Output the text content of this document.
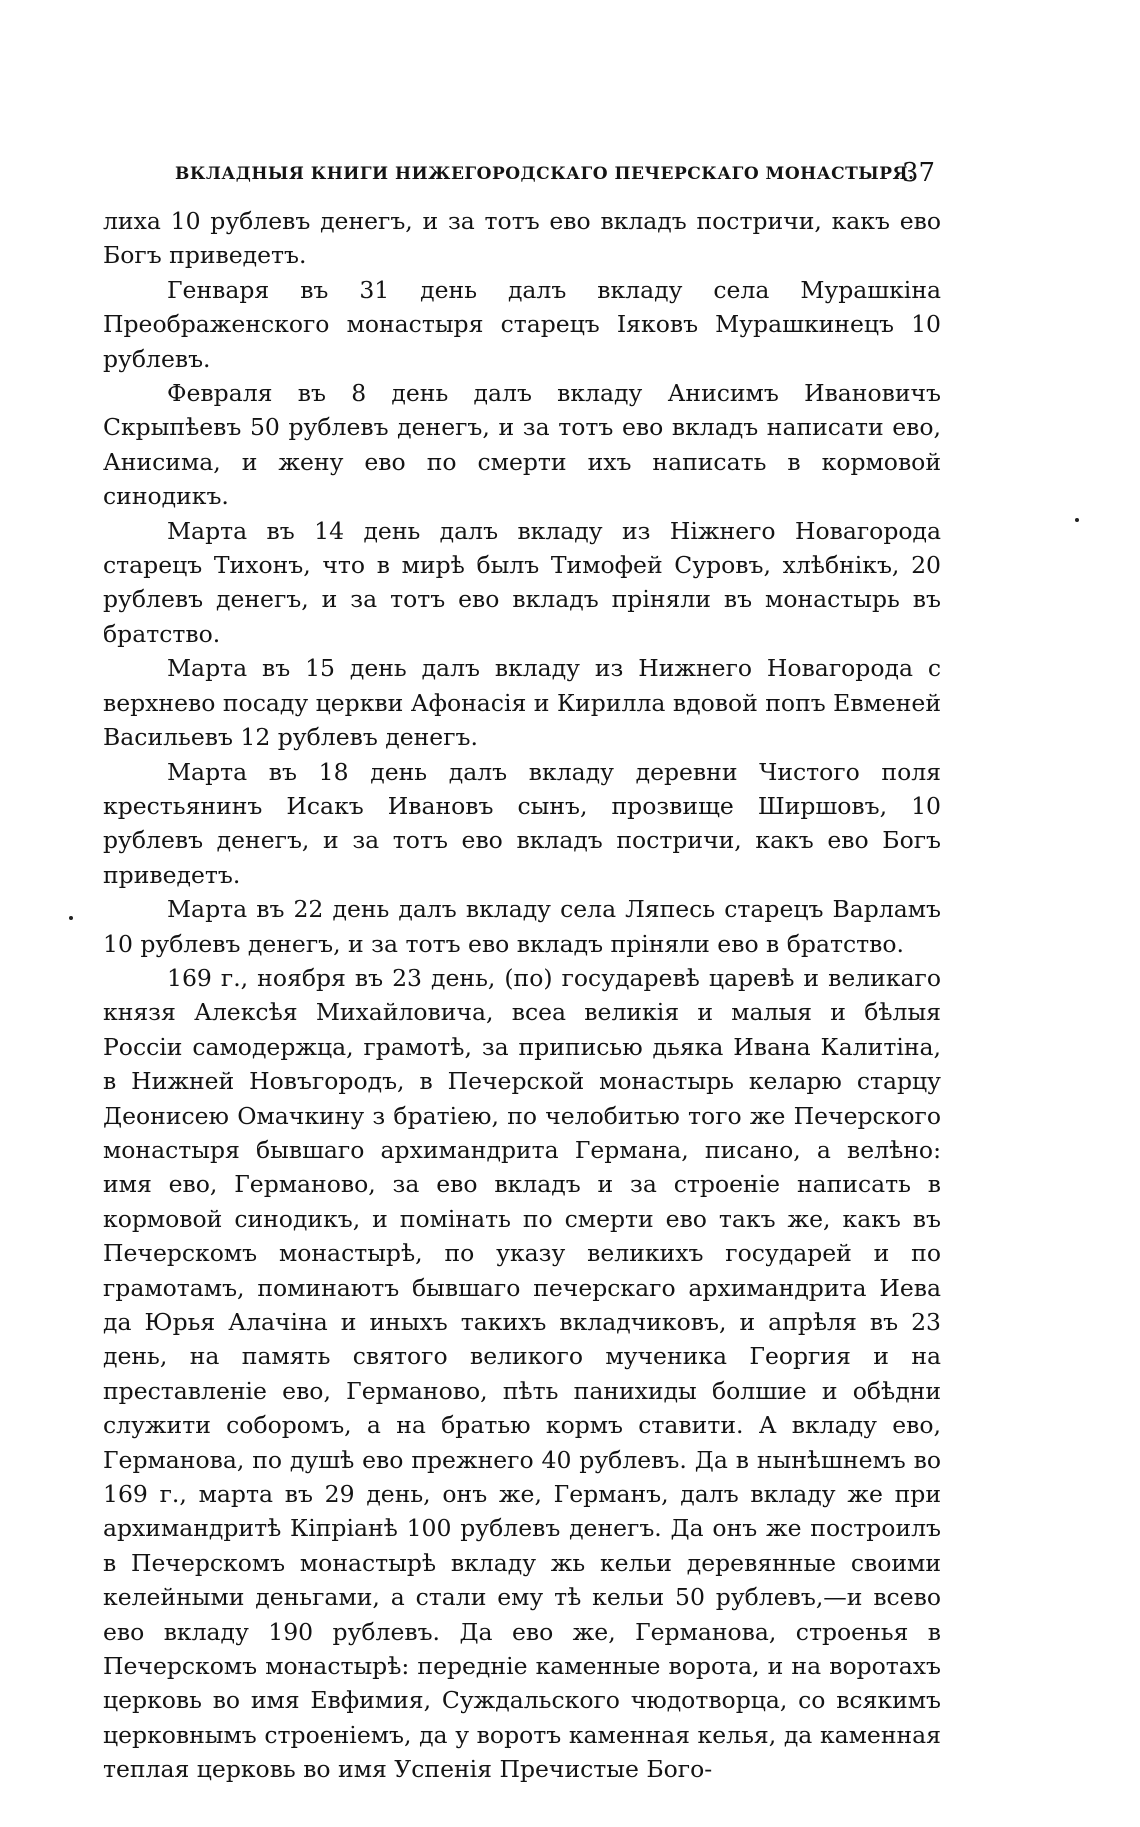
ВКЛАДНЫЯ КНИГИ НИЖЕГОРОДСКАГО ПЕЧЕРСКАГО МОНАСТЫРЯ.
37

лиха 10 рублевъ денегъ, и за тотъ ево вкладъ постричи, какъ ево Богъ приведетъ.

Генваря въ 31 день далъ вкладу села Мурашкіна Преображенского монастыря старецъ Іяковъ Мурашкинецъ 10 рублевъ.

Февраля въ 8 день далъ вкладу Анисимъ Ивановичъ Скрыпѣевъ 50 рублевъ денегъ, и за тотъ ево вкладъ написати ево, Анисима, и жену ево по смерти ихъ написать в кормовой синодикъ.

Марта въ 14 день далъ вкладу из Ніжнего Новагорода старецъ Тихонъ, что в мирѣ былъ Тимофей Суровъ, хлѣбнікъ, 20 рублевъ денегъ, и за тотъ ево вкладъ пріняли въ монастырь въ братство.

Марта въ 15 день далъ вкладу из Нижнего Новагорода с верхнево посаду церкви Афонасія и Кирилла вдовой попъ Евменей Васильевъ 12 рублевъ денегъ.

Марта въ 18 день далъ вкладу деревни Чистого поля крестьянинъ Исакъ Ивановъ сынъ, прозвище Ширшовъ, 10 рублевъ денегъ, и за тотъ ево вкладъ постричи, какъ ево Богъ приведетъ.

Марта въ 22 день далъ вкладу села Ляпесь старецъ Варламъ 10 рублевъ денегъ, и за тотъ ево вкладъ пріняли ево в братство.

169 г., ноября въ 23 день, (по) государевѣ царевѣ и великаго князя Алексѣя Михайловича, всеа великія и малыя и бѣлыя Россіи самодержца, грамотѣ, за приписью дьяка Ивана Калитіна, в Нижней Новъгородъ, в Печерской монастырь келарю старцу Деонисею Омачкину з братіею, по челобитью того же Печерского монастыря бывшаго архимандрита Германа, писано, а велѣно: имя ево, Германово, за ево вкладъ и за строеніе написать в кормовой синодикъ, и помінать по смерти ево такъ же, какъ въ Печерскомъ монастырѣ, по указу великихъ государей и по грамотамъ, поминаютъ бывшаго печерскаго архимандрита Иева да Юрья Алачіна и иныхъ такихъ вкладчиковъ, и апрѣля въ 23 день, на память святого великого мученика Георгия и на преставленіе ево, Германово, пѣть панихиды болшие и обѣдни служити соборомъ, а на братью кормъ ставити. А вкладу ево, Германова, по душѣ ево прежнего 40 рублевъ. Да в нынѣшнемъ во 169 г., марта въ 29 день, онъ же, Германъ, далъ вкладу же при архимандритѣ Кіпріанѣ 100 рублевъ денегъ. Да онъ же построилъ в Печерскомъ монастырѣ вкладу жь кельи деревянные своими келейными деньгами, а стали ему тѣ кельи 50 рублевъ,—и всево ево вкладу 190 рублевъ. Да ево же, Германова, строенья в Печерскомъ монастырѣ: передніе каменные ворота, и на воротахъ церковь во имя Евфимия, Суждальского чюдотворца, со всякимъ церковнымъ строеніемъ, да у воротъ каменная келья, да каменная теплая церковь во имя Успенія Пречистые Бого-
